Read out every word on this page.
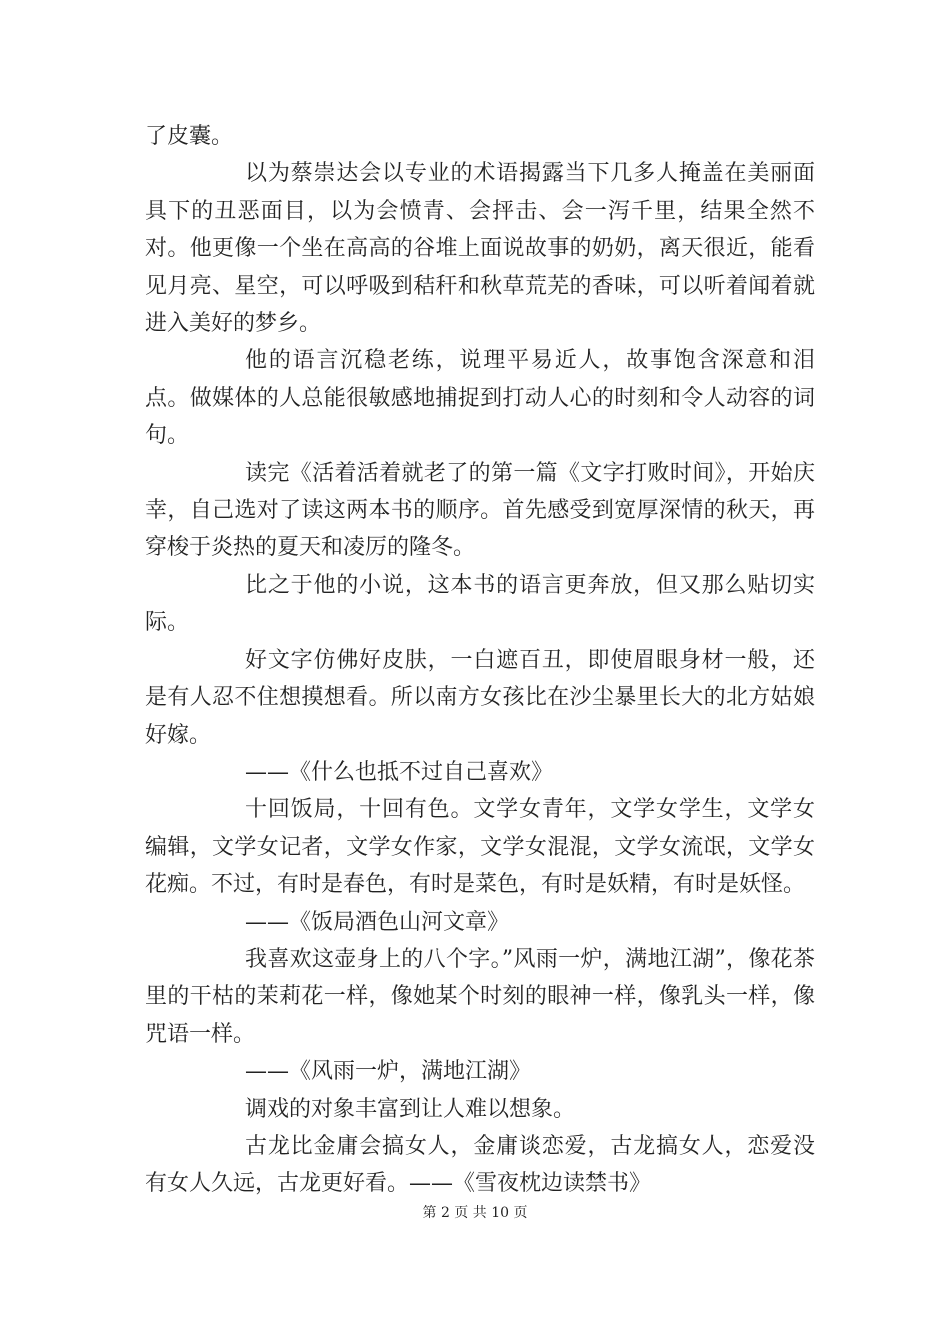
了皮囊。

以为蔡崇达会以专业的术语揭露当下几多人掩盖在美丽面具下的丑恶面目，以为会愤青、会抨击、会一泻千里，结果全然不对。他更像一个坐在高高的谷堆上面说故事的奶奶，离天很近，能看见月亮、星空，可以呼吸到秸秆和秋草荒芜的香味，可以听着闻着就进入美好的梦乡。

他的语言沉稳老练，说理平易近人，故事饱含深意和泪点。做媒体的人总能很敏感地捕捉到打动人心的时刻和令人动容的词句。

读完《活着活着就老了的第一篇《文字打败时间》，开始庆幸，自己选对了读这两本书的顺序。首先感受到宽厚深情的秋天，再穿梭于炎热的夏天和凌厉的隆冬。

比之于他的小说，这本书的语言更奔放，但又那么贴切实际。

好文字仿佛好皮肤，一白遮百丑，即使眉眼身材一般，还是有人忍不住想摸想看。所以南方女孩比在沙尘暴里长大的北方姑娘好嫁。

——《什么也抵不过自己喜欢》

十回饭局，十回有色。文学女青年，文学女学生，文学女编辑，文学女记者，文学女作家，文学女混混，文学女流氓，文学女花痴。不过，有时是春色，有时是菜色，有时是妖精，有时是妖怪。

——《饭局酒色山河文章》

我喜欢这壶身上的八个字。”风雨一炉，满地江湖”，像花茶里的干枯的茉莉花一样，像她某个时刻的眼神一样，像乳头一样，像咒语一样。

——《风雨一炉，满地江湖》

调戏的对象丰富到让人难以想象。

古龙比金庸会搞女人，金庸谈恋爱，古龙搞女人，恋爱没有女人久远，古龙更好看。——《雪夜枕边读禁书》

第 2 页 共 10 页
